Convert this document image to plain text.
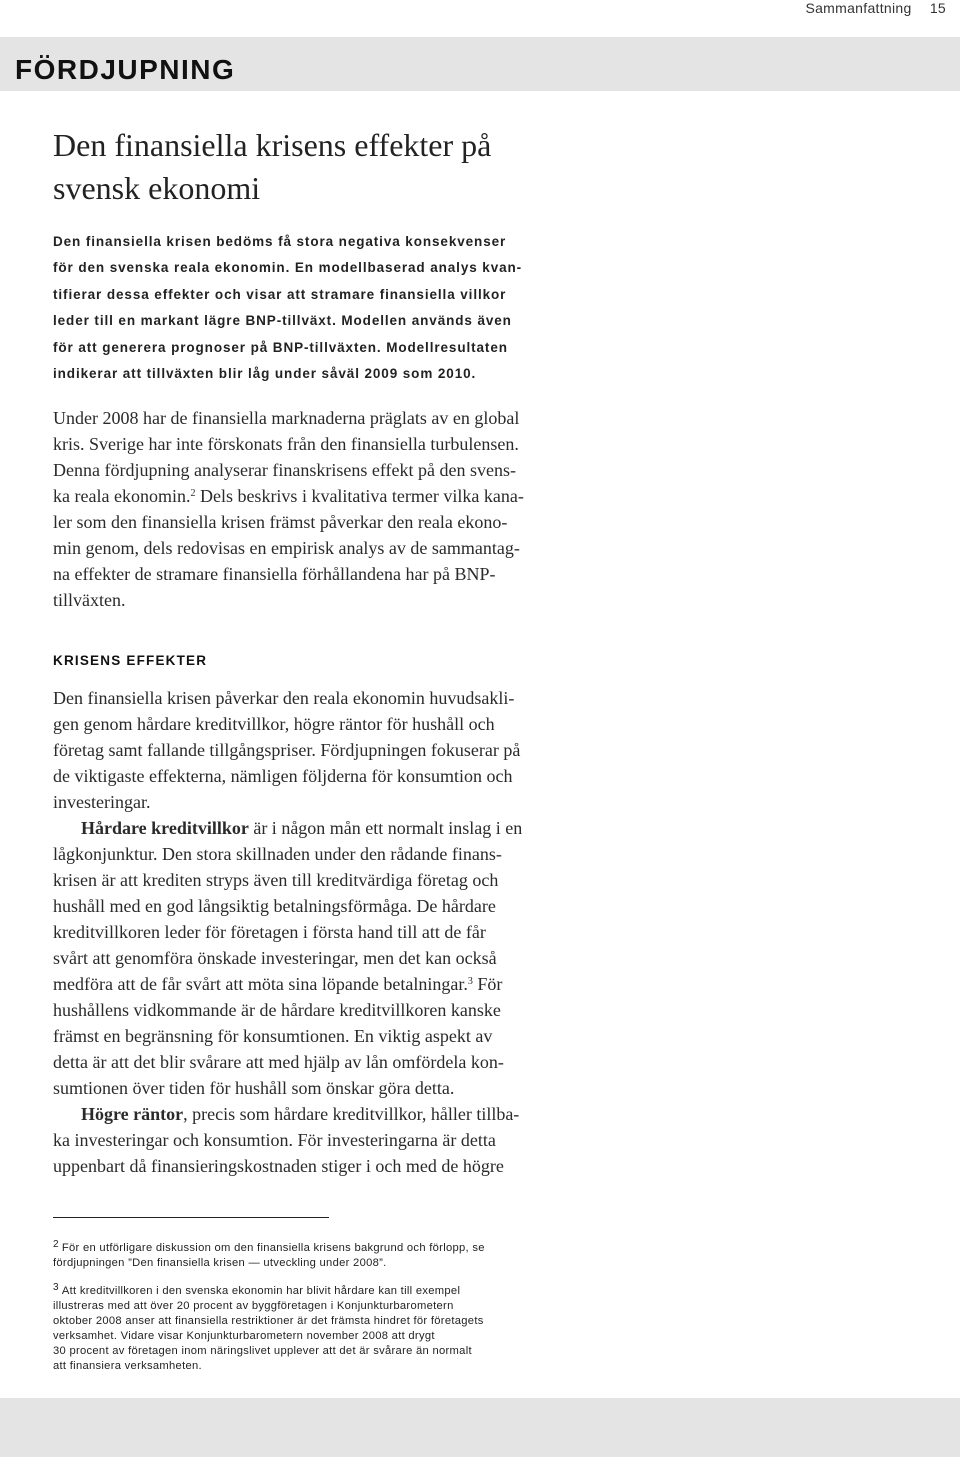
Sammanfattning 15
FÖRDJUPNING
Den finansiella krisens effekter på
svensk ekonomi
Den finansiella krisen bedöms få stora negativa konsekvenser
för den svenska reala ekonomin. En modellbaserad analys kvan-
tifierar dessa effekter och visar att stramare finansiella villkor
leder till en markant lägre BNP-tillväxt. Modellen används även
för att generera prognoser på BNP-tillväxten. Modellresultaten
indikerar att tillväxten blir låg under såväl 2009 som 2010.
Under 2008 har de finansiella marknaderna präglats av en global
kris. Sverige har inte förskonats från den finansiella turbulensen.
Denna fördjupning analyserar finanskrisens effekt på den svens-
ka reala ekonomin.$^2$ Dels beskrivs i kvalitativa termer vilka kana-
ler som den finansiella krisen främst påverkar den reala ekono-
min genom, dels redovisas en empirisk analys av de sammantag-
na effekter de stramare finansiella förhållandena har på BNP-
tillväxten.
KRISENS EFFEKTER
Den finansiella krisen påverkar den reala ekonomin huvudsakli-
gen genom hårdare kreditvillkor, högre räntor för hushåll och
företag samt fallande tillgångspriser. Fördjupningen fokuserar på
de viktigaste effekterna, nämligen följderna för konsumtion och
investeringar.
Hårdare kreditvillkor är i någon mån ett normalt inslag i en
lågkonjunktur. Den stora skillnaden under den rådande finans-
krisen är att krediten stryps även till kreditvärdiga företag och
hushåll med en god långsiktig betalningsförmåga. De hårdare
kreditvillkoren leder för företagen i första hand till att de får
svårt att genomföra önskade investeringar, men det kan också
medföra att de får svårt att möta sina löpande betalningar.$^3$ För
hushållens vidkommande är de hårdare kreditvillkoren kanske
främst en begränsning för konsumtionen. En viktig aspekt av
detta är att det blir svårare att med hjälp av lån omfördela kon-
sumtionen över tiden för hushåll som önskar göra detta.
Högre räntor, precis som hårdare kreditvillkor, håller tillba-
ka investeringar och konsumtion. För investeringarna är detta
uppenbart då finansieringskostnaden stiger i och med de högre
2 För en utförligare diskussion om den finansiella krisens bakgrund och förlopp, se
fördjupningen ”Den finansiella krisen — utveckling under 2008”.
3 Att kreditvillkoren i den svenska ekonomin har blivit hårdare kan till exempel
illustreras med att över 20 procent av byggföretagen i Konjunkturbarometern
oktober 2008 anser att finansiella restriktioner är det främsta hindret för företagets
verksamhet. Vidare visar Konjunkturbarometern november 2008 att drygt
30 procent av företagen inom näringslivet upplever att det är svårare än normalt
att finansiera verksamheten.
